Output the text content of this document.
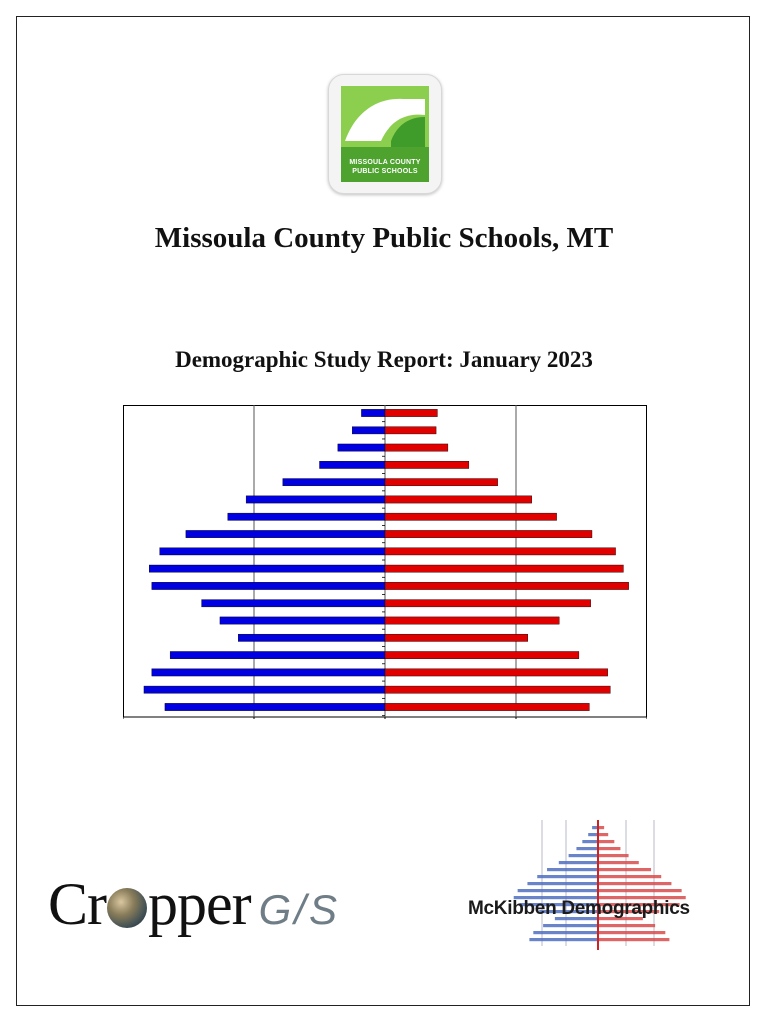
MISSOULA COUNTY
PUBLIC SCHOOLS
Missoula County Public Schools, MT
Demographic Study Report: January 2023
Cr pper G/S	McKibben Demographics
